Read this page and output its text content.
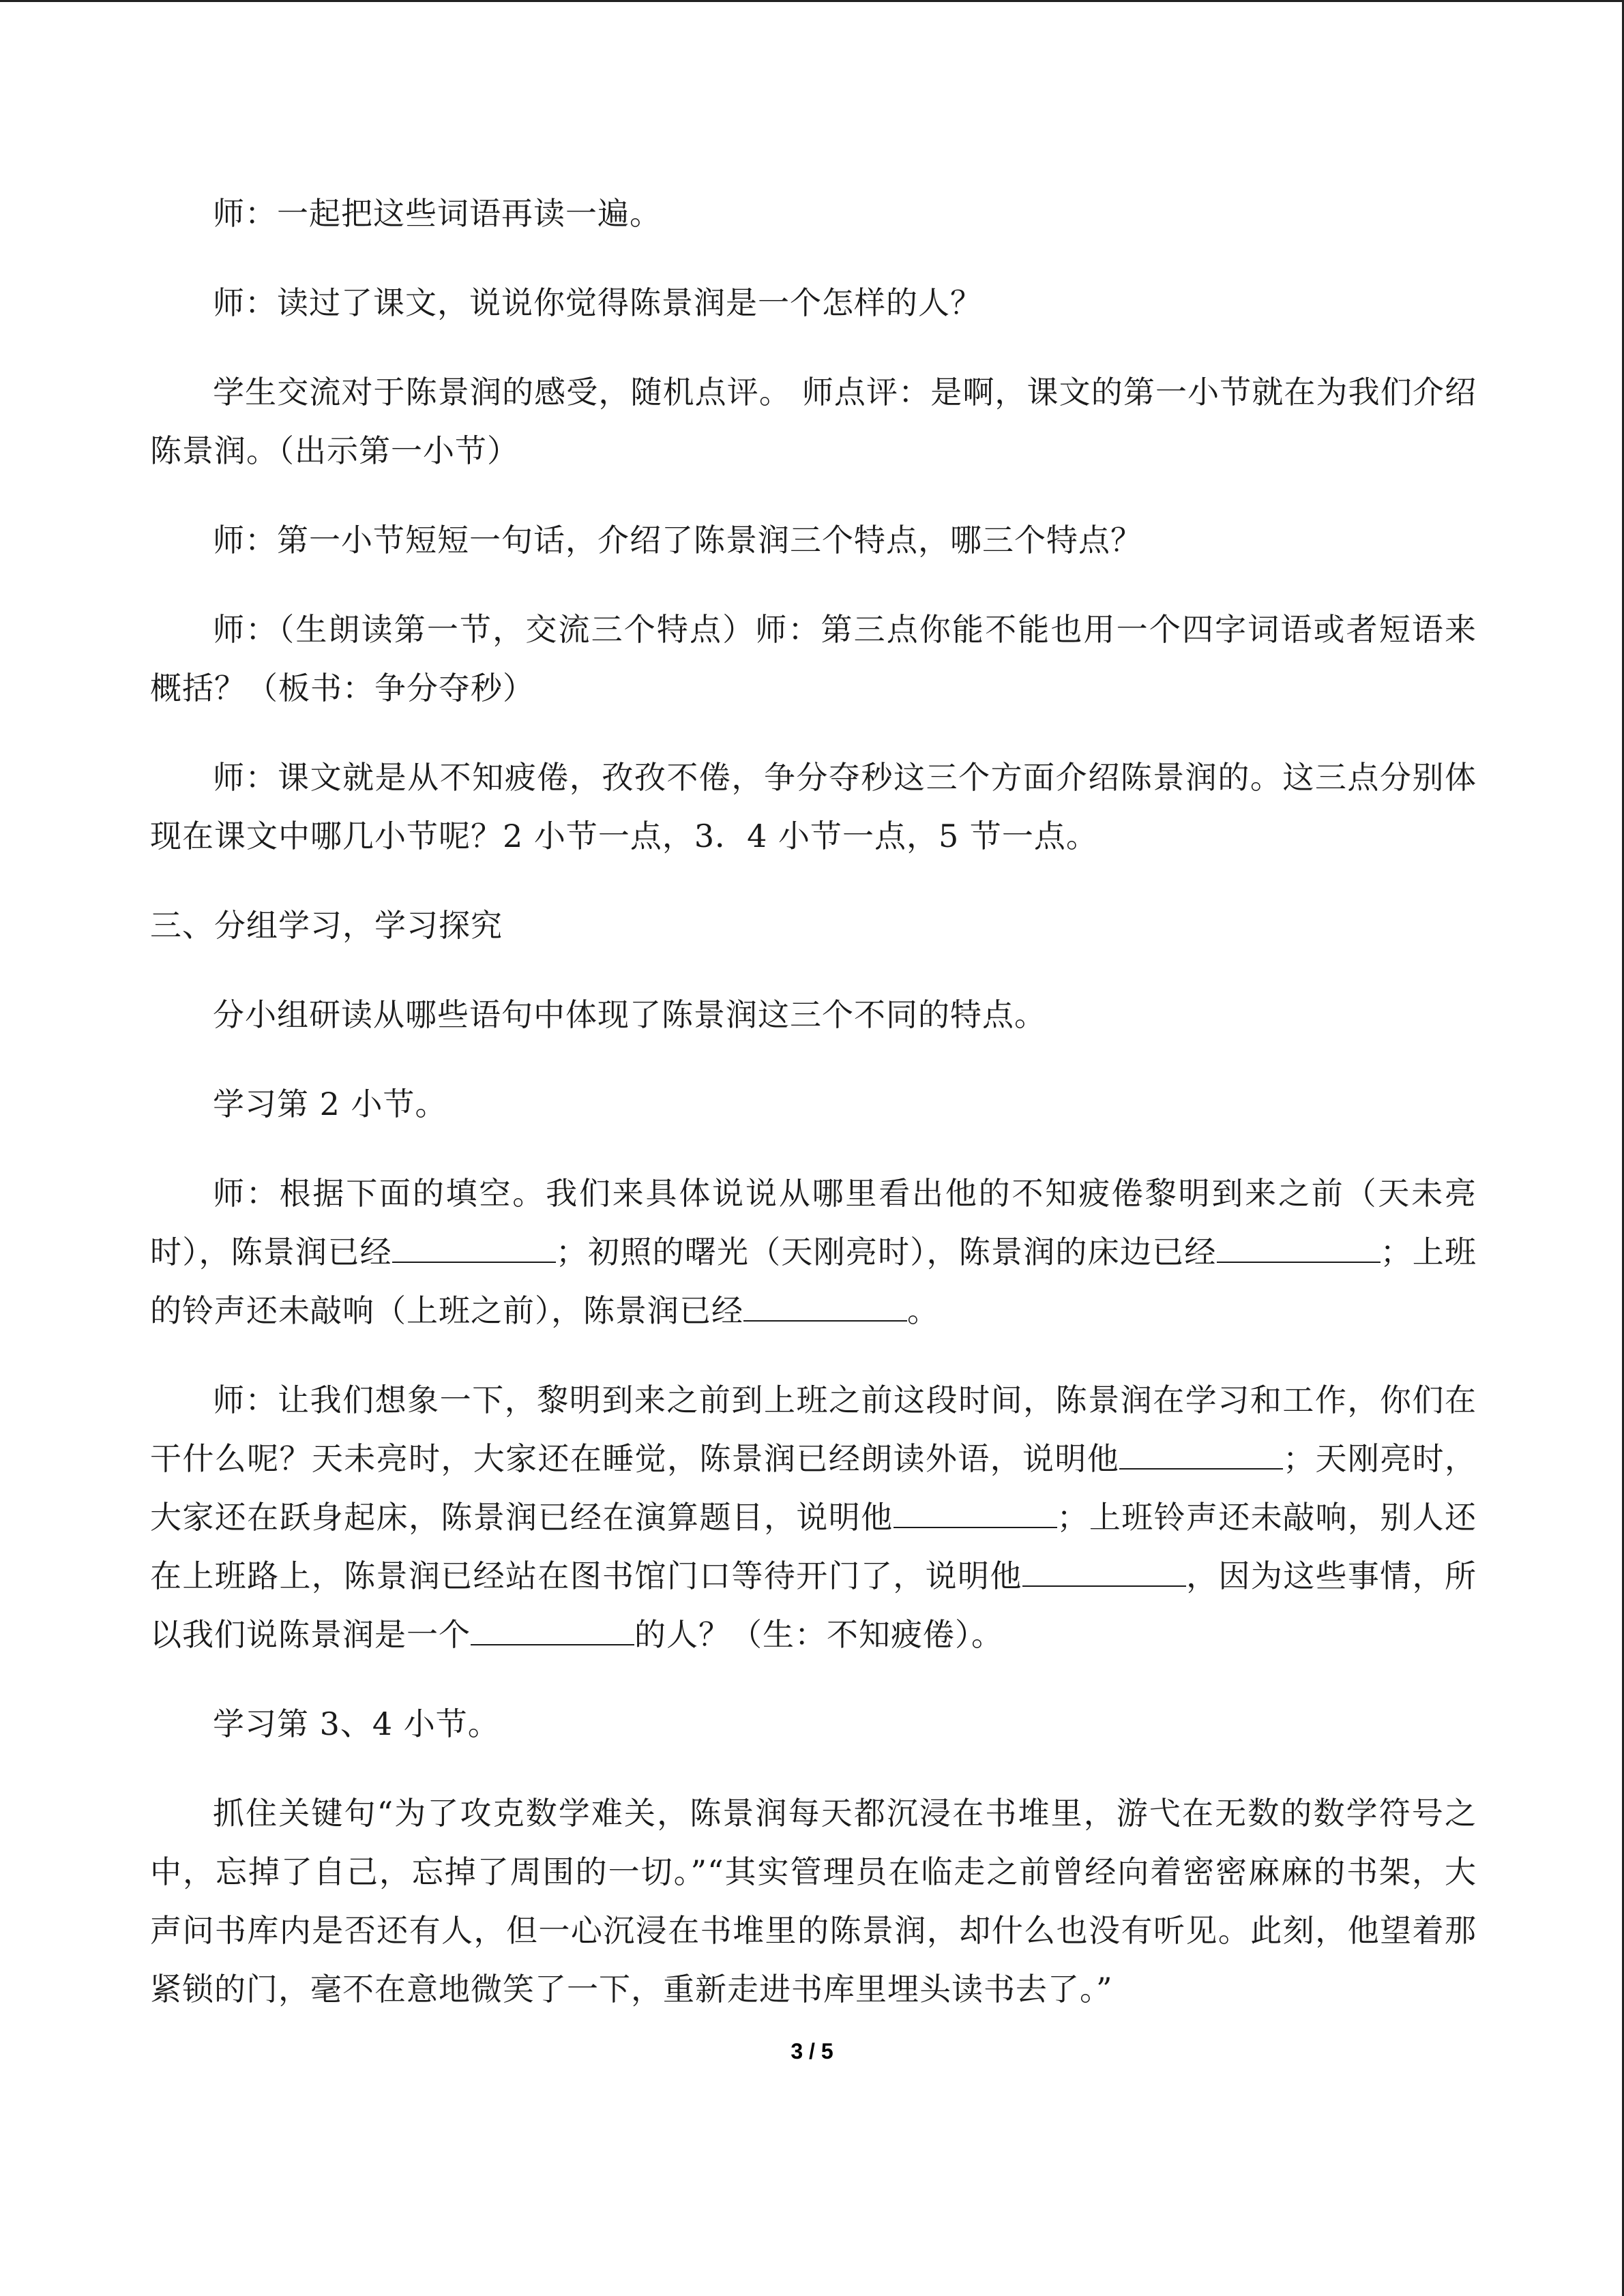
师：一起把这些词语再读一遍。

师：读过了课文，说说你觉得陈景润是一个怎样的人？

学生交流对于陈景润的感受，随机点评。 师点评：是啊，课文的第一小节就在为我们介绍陈景润。（出示第一小节）

师：第一小节短短一句话，介绍了陈景润三个特点，哪三个特点？

师：（生朗读第一节，交流三个特点）师：第三点你能不能也用一个四字词语或者短语来概括？（板书：争分夺秒）

师：课文就是从不知疲倦，孜孜不倦，争分夺秒这三个方面介绍陈景润的。这三点分别体现在课文中哪几小节呢？2 小节一点，3．4 小节一点，5 节一点。

三、分组学习，学习探究

分小组研读从哪些语句中体现了陈景润这三个不同的特点。

学习第 2 小节。

师：根据下面的填空。我们来具体说说从哪里看出他的不知疲倦黎明到来之前（天未亮时），陈景润已经	；初照的曙光（天刚亮时），陈景润的床边已经	；上班的铃声还未敲响（上班之前），陈景润已经	。

师：让我们想象一下，黎明到来之前到上班之前这段时间，陈景润在学习和工作，你们在干什么呢？天未亮时，大家还在睡觉，陈景润已经朗读外语，说明他	；天刚亮时，大家还在跃身起床，陈景润已经在演算题目，说明他	；上班铃声还未敲响，别人还在上班路上，陈景润已经站在图书馆门口等待开门了，说明他	，因为这些事情，所以我们说陈景润是一个	的人？（生：不知疲倦）。

学习第 3、4 小节。

抓住关键句“为了攻克数学难关，陈景润每天都沉浸在书堆里，游弋在无数的数学符号之中，忘掉了自己，忘掉了周围的一切。”“其实管理员在临走之前曾经向着密密麻麻的书架，大声问书库内是否还有人，但一心沉浸在书堆里的陈景润，却什么也没有听见。此刻，他望着那紧锁的门，毫不在意地微笑了一下，重新走进书库里埋头读书去了。”

3 / 5
